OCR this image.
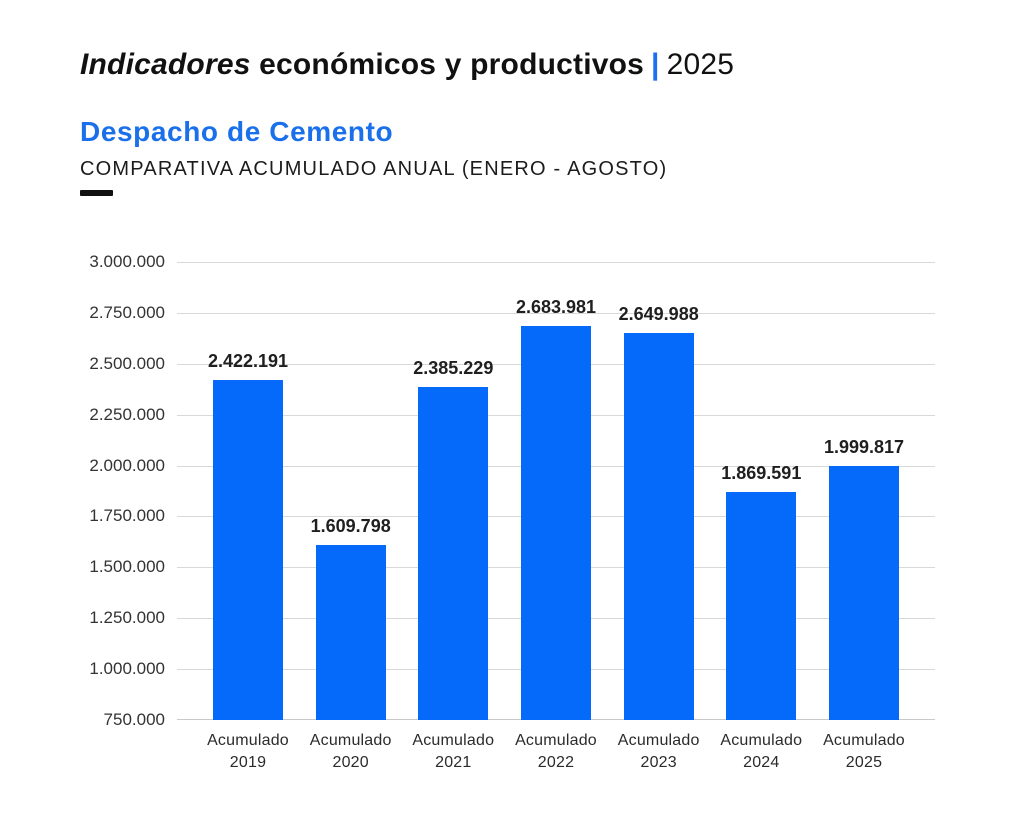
Indicadores económicos y productivos | 2025
Despacho de Cemento
COMPARATIVA ACUMULADO ANUAL (ENERO - AGOSTO)
3.000.000
2.750.000
2.500.000
2.250.000
2.000.000
1.750.000
1.500.000
1.250.000
1.000.000
750.000
2.422.191
1.609.798
2.385.229
2.683.981	2.649.988
1.869.591
1.999.817
Acumulado
2019
Acumulado
2020
Acumulado
2021
Acumulado
2022
Acumulado
2023
Acumulado
2024
Acumulado
2025
